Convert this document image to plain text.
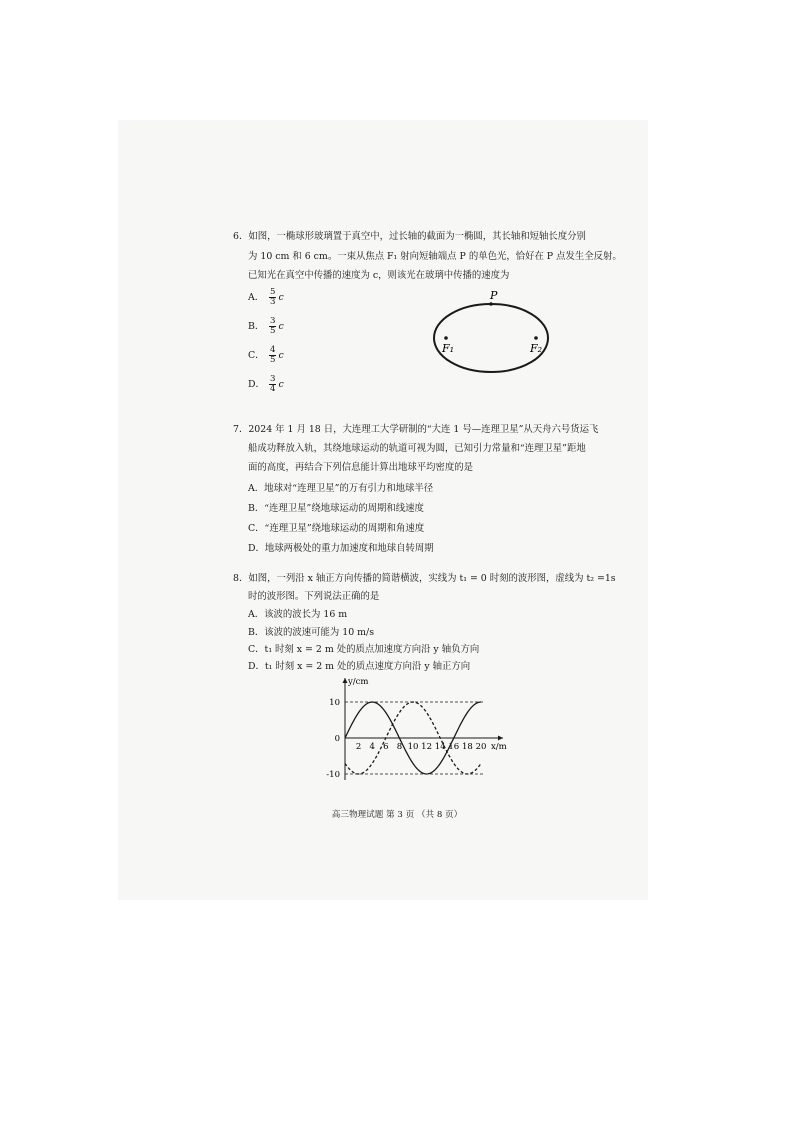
6．如图，一椭球形玻璃置于真空中，过长轴的截面为一椭圆，其长轴和短轴长度分别
为 10 cm 和 6 cm。一束从焦点 F₁ 射向短轴端点 P 的单色光，恰好在 P 点发生全反射。
已知光在真空中传播的速度为 c，则该光在玻璃中传播的速度为
A． $\frac{5}{3}$ c
B． $\frac{3}{5}$ c
C． $\frac{4}{5}$ c
D． $\frac{3}{4}$ c
P
F₁	F₂
7．2024 年 1 月 18 日，大连理工大学研制的“大连 1 号—连理卫星”从天舟六号货运飞
船成功释放入轨，其绕地球运动的轨道可视为圆，已知引力常量和“连理卫星”距地
面的高度，再结合下列信息能计算出地球平均密度的是
A．地球对“连理卫星”的万有引力和地球半径
B．“连理卫星”绕地球运动的周期和线速度
C．“连理卫星”绕地球运动的周期和角速度
D．地球两极处的重力加速度和地球自转周期
8．如图，一列沿 x 轴正方向传播的简谐横波，实线为 t₁ = 0 时刻的波形图，虚线为 t₂ =1s
时的波形图。下列说法正确的是
A．该波的波长为 16 m
B．该波的波速可能为 10 m/s
C．t₁ 时刻 x = 2 m 处的质点加速度方向沿 y 轴负方向
D．t₁ 时刻 x = 2 m 处的质点速度方向沿 y 轴正方向
y/cm
x/m
2 4 6 8 10 12 14 16 18 20
10
0
-10
高三物理试题 第 3 页 （共 8 页）
